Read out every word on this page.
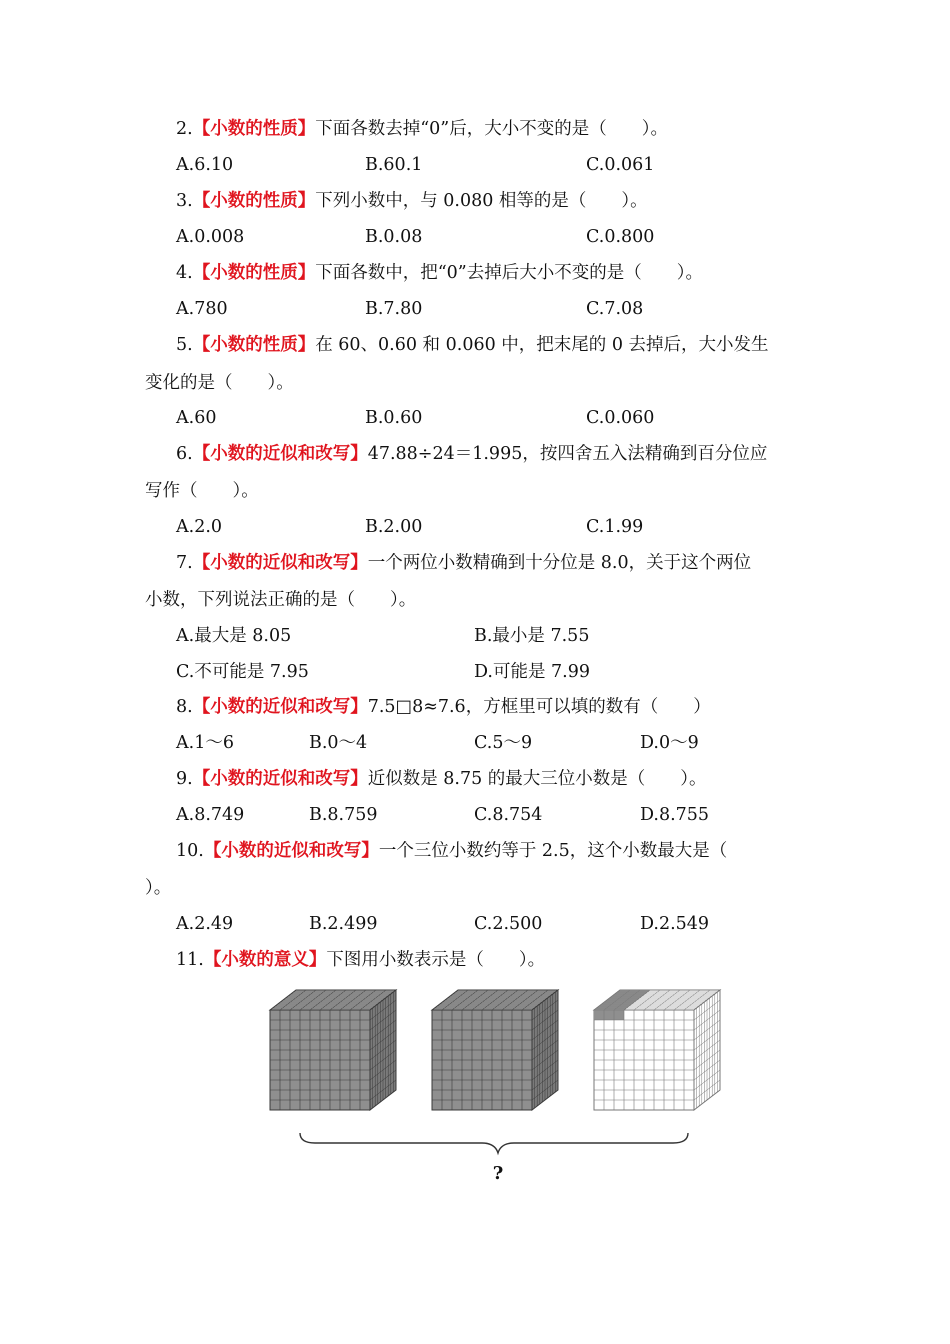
2.【小数的性质】下面各数去掉“0”后，大小不变的是（　　）。
A.6.10	B.60.1	C.0.061
3.【小数的性质】下列小数中，与 0.080 相等的是（　　）。
A.0.008	B.0.08	C.0.800
4.【小数的性质】下面各数中，把“0”去掉后大小不变的是（　　）。
A.780	B.7.80	C.7.08
5.【小数的性质】在 60、0.60 和 0.060 中，把末尾的 0 去掉后，大小发生
变化的是（　　）。
A.60	B.0.60	C.0.060
6.【小数的近似和改写】47.88÷24＝1.995，按四舍五入法精确到百分位应
写作（　　）。
A.2.0	B.2.00	C.1.99
7.【小数的近似和改写】一个两位小数精确到十分位是 8.0，关于这个两位
小数，下列说法正确的是（　　）。
A.最大是 8.05	B.最小是 7.55
C.不可能是 7.95	D.可能是 7.99
8.【小数的近似和改写】7.5□8≈7.6，方框里可以填的数有（　　）
A.1～6	B.0～4	C.5～9	D.0～9
9.【小数的近似和改写】近似数是 8.75 的最大三位小数是（　　）。
A.8.749	B.8.759	C.8.754	D.8.755
10.【小数的近似和改写】一个三位小数约等于 2.5，这个小数最大是（
）。
A.2.49	B.2.499	C.2.500	D.2.549
11.【小数的意义】下图用小数表示是（　　）。
?
